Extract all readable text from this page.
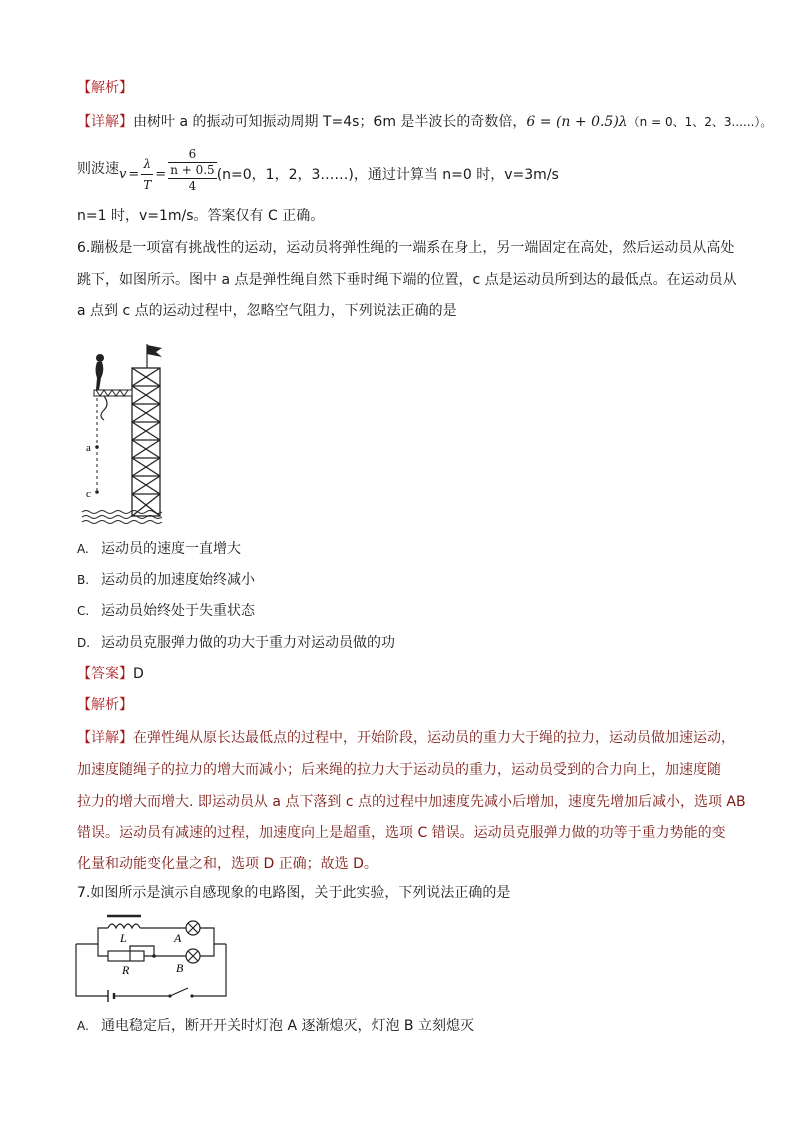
【解析】
【详解】由树叶 a 的振动可知振动周期 T=4s；6m 是半波长的奇数倍，6 = (n + 0.5)λ（n = 0、1、2、3......）。
则波速 $v = \frac{\lambda}{T} = \frac{6}{\frac{n + 0.5}{4}} (n=0$，1，2，3……)，通过计算当 n=0 时，v=3m/s
n=1 时，v=1m/s。答案仅有 C 正确。
6.蹦极是一项富有挑战性的运动，运动员将弹性绳的一端系在身上，另一端固定在高处，然后运动员从高处
跳下，如图所示。图中 a 点是弹性绳自然下垂时绳下端的位置，c 点是运动员所到达的最低点。在运动员从
a 点到 c 点的运动过程中，忽略空气阻力，下列说法正确的是
a
c
A. 运动员的速度一直增大
B. 运动员的加速度始终减小
C. 运动员始终处于失重状态
D. 运动员克服弹力做的功大于重力对运动员做的功
【答案】D
【解析】
【详解】在弹性绳从原长达最低点的过程中，开始阶段，运动员的重力大于绳的拉力，运动员做加速运动，
加速度随绳子的拉力的增大而减小；后来绳的拉力大于运动员的重力，运动员受到的合力向上，加速度随
拉力的增大而增大. 即运动员从 a 点下落到 c 点的过程中加速度先减小后增加，速度先增加后减小，选项 AB
错误。运动员有减速的过程，加速度向上是超重，选项 C 错误。运动员克服弹力做的功等于重力势能的变
化量和动能变化量之和，选项 D 正确；故选 D。
7.如图所示是演示自感现象的电路图，关于此实验，下列说法正确的是
L	A
R	B
A. 通电稳定后，断开开关时灯泡 A 逐渐熄灭，灯泡 B 立刻熄灭
